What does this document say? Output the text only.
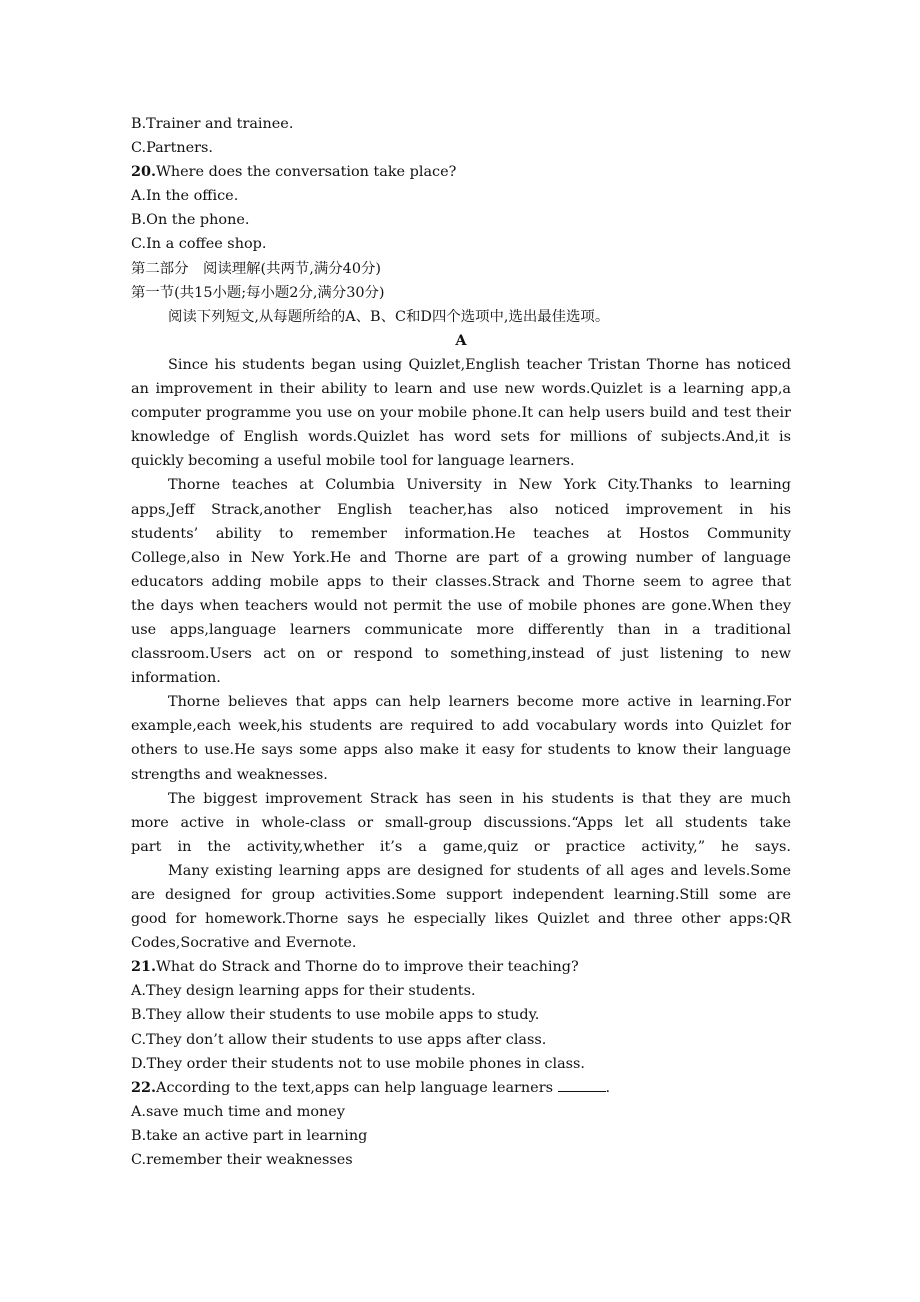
B.Trainer and trainee.
C.Partners.
20.Where does the conversation take place?
A.In the office.
B.On the phone.
C.In a coffee shop.
第二部分　阅读理解(共两节,满分40分)
第一节(共15小题;每小题2分,满分30分)
阅读下列短文,从每题所给的A、B、C和D四个选项中,选出最佳选项。
A
Since his students began using Quizlet,English teacher Tristan Thorne has noticed
an improvement in their ability to learn and use new words.Quizlet is a learning app,a
computer programme you use on your mobile phone.It can help users build and test their
knowledge of English words.Quizlet has word sets for millions of subjects.And,it is
quickly becoming a useful mobile tool for language learners.
Thorne teaches at Columbia University in New York City.Thanks to learning
apps,Jeff Strack,another English teacher,has also noticed improvement in his
students’ ability to remember information.He teaches at Hostos Community
College,also in New York.He and Thorne are part of a growing number of language
educators adding mobile apps to their classes.Strack and Thorne seem to agree that
the days when teachers would not permit the use of mobile phones are gone.When they
use apps,language learners communicate more differently than in a traditional
classroom.Users act on or respond to something,instead of just listening to new
information.
Thorne believes that apps can help learners become more active in learning.For
example,each week,his students are required to add vocabulary words into Quizlet for
others to use.He says some apps also make it easy for students to know their language
strengths and weaknesses.
The biggest improvement Strack has seen in his students is that they are much
more active in whole-class or small-group discussions.“Apps let all students take
part in the activity,whether it’s a game,quiz or practice activity,” he says.
Many existing learning apps are designed for students of all ages and levels.Some
are designed for group activities.Some support independent learning.Still some are
good for homework.Thorne says he especially likes Quizlet and three other apps:QR
Codes,Socrative and Evernote.
21.What do Strack and Thorne do to improve their teaching?
A.They design learning apps for their students.
B.They allow their students to use mobile apps to study.
C.They don’t allow their students to use apps after class.
D.They order their students not to use mobile phones in class.
22.According to the text,apps can help language learners	.
A.save much time and money
B.take an active part in learning
C.remember their weaknesses
